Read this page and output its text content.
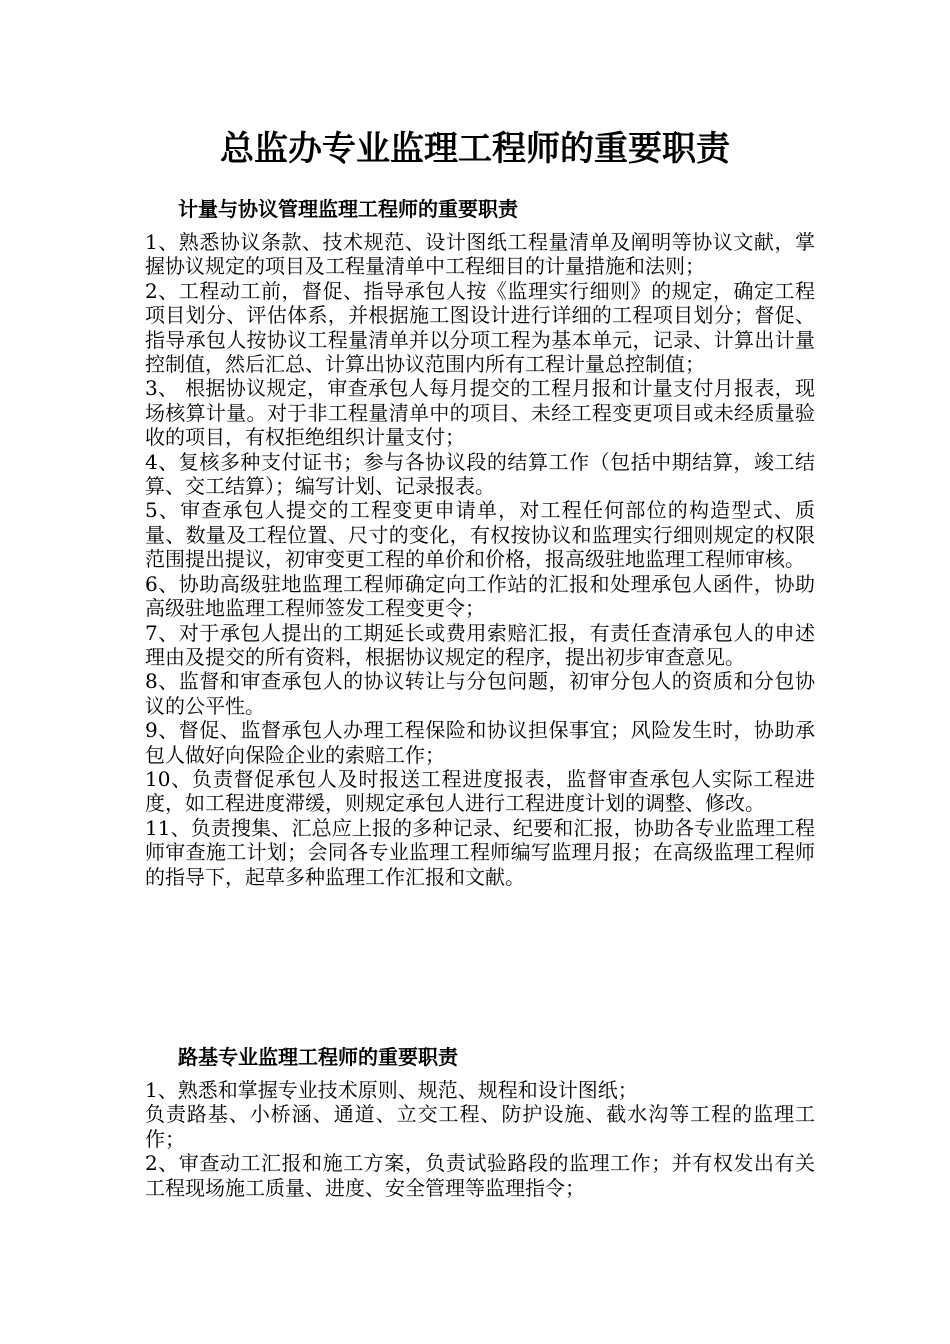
总监办专业监理工程师的重要职责
计量与协议管理监理工程师的重要职责

1、熟悉协议条款、技术规范、设计图纸工程量清单及阐明等协议文献，掌握协议规定的项目及工程量清单中工程细目的计量措施和法则；

2、工程动工前，督促、指导承包人按《监理实行细则》的规定，确定工程项目划分、评估体系，并根据施工图设计进行详细的工程项目划分；督促、指导承包人按协议工程量清单并以分项工程为基本单元，记录、计算出计量控制值，然后汇总、计算出协议范围内所有工程计量总控制值；

3、 根据协议规定，审查承包人每月提交的工程月报和计量支付月报表，现场核算计量。对于非工程量清单中的项目、未经工程变更项目或未经质量验收的项目，有权拒绝组织计量支付；

4、复核多种支付证书；参与各协议段的结算工作（包括中期结算，竣工结算、交工结算）；编写计划、记录报表。

5、审查承包人提交的工程变更申请单，对工程任何部位的构造型式、质量、数量及工程位置、尺寸的变化，有权按协议和监理实行细则规定的权限范围提出提议，初审变更工程的单价和价格，报高级驻地监理工程师审核。

6、协助高级驻地监理工程师确定向工作站的汇报和处理承包人函件，协助高级驻地监理工程师签发工程变更令；

7、对于承包人提出的工期延长或费用索赔汇报，有责任查清承包人的申述理由及提交的所有资料，根据协议规定的程序，提出初步审查意见。

8、监督和审查承包人的协议转让与分包问题，初审分包人的资质和分包协议的公平性。

9、督促、监督承包人办理工程保险和协议担保事宜；风险发生时，协助承包人做好向保险企业的索赔工作；

10、负责督促承包人及时报送工程进度报表，监督审查承包人实际工程进度，如工程进度滞缓，则规定承包人进行工程进度计划的调整、修改。

11、负责搜集、汇总应上报的多种记录、纪要和汇报，协助各专业监理工程师审查施工计划；会同各专业监理工程师编写监理月报；在高级监理工程师的指导下，起草多种监理工作汇报和文献。

路基专业监理工程师的重要职责

1、熟悉和掌握专业技术原则、规范、规程和设计图纸；

负责路基、小桥涵、通道、立交工程、防护设施、截水沟等工程的监理工作；

2、审查动工汇报和施工方案，负责试验路段的监理工作；并有权发出有关工程现场施工质量、进度、安全管理等监理指令；
